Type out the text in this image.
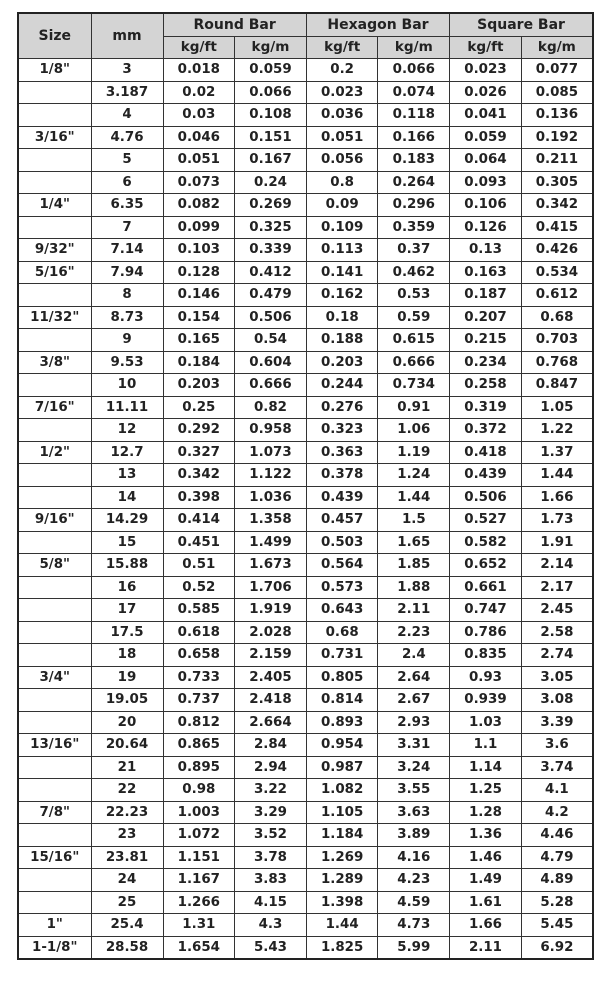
Size	mm	Round Bar		Hexagon Bar		Square Bar	
		kg/ft	kg/m	kg/ft	kg/m	kg/ft	kg/m
1/8"	3	0.018	0.059	0.2	0.066	0.023	0.077
	3.187	0.02	0.066	0.023	0.074	0.026	0.085
	4	0.03	0.108	0.036	0.118	0.041	0.136
3/16"	4.76	0.046	0.151	0.051	0.166	0.059	0.192
	5	0.051	0.167	0.056	0.183	0.064	0.211
	6	0.073	0.24	0.8	0.264	0.093	0.305
1/4"	6.35	0.082	0.269	0.09	0.296	0.106	0.342
	7	0.099	0.325	0.109	0.359	0.126	0.415
9/32"	7.14	0.103	0.339	0.113	0.37	0.13	0.426
5/16"	7.94	0.128	0.412	0.141	0.462	0.163	0.534
	8	0.146	0.479	0.162	0.53	0.187	0.612
11/32"	8.73	0.154	0.506	0.18	0.59	0.207	0.68
	9	0.165	0.54	0.188	0.615	0.215	0.703
3/8"	9.53	0.184	0.604	0.203	0.666	0.234	0.768
	10	0.203	0.666	0.244	0.734	0.258	0.847
7/16"	11.11	0.25	0.82	0.276	0.91	0.319	1.05
	12	0.292	0.958	0.323	1.06	0.372	1.22
1/2"	12.7	0.327	1.073	0.363	1.19	0.418	1.37
	13	0.342	1.122	0.378	1.24	0.439	1.44
	14	0.398	1.036	0.439	1.44	0.506	1.66
9/16"	14.29	0.414	1.358	0.457	1.5	0.527	1.73
	15	0.451	1.499	0.503	1.65	0.582	1.91
5/8"	15.88	0.51	1.673	0.564	1.85	0.652	2.14
	16	0.52	1.706	0.573	1.88	0.661	2.17
	17	0.585	1.919	0.643	2.11	0.747	2.45
	17.5	0.618	2.028	0.68	2.23	0.786	2.58
	18	0.658	2.159	0.731	2.4	0.835	2.74
3/4"	19	0.733	2.405	0.805	2.64	0.93	3.05
	19.05	0.737	2.418	0.814	2.67	0.939	3.08
	20	0.812	2.664	0.893	2.93	1.03	3.39
13/16"	20.64	0.865	2.84	0.954	3.31	1.1	3.6
	21	0.895	2.94	0.987	3.24	1.14	3.74
	22	0.98	3.22	1.082	3.55	1.25	4.1
7/8"	22.23	1.003	3.29	1.105	3.63	1.28	4.2
	23	1.072	3.52	1.184	3.89	1.36	4.46
15/16"	23.81	1.151	3.78	1.269	4.16	1.46	4.79
	24	1.167	3.83	1.289	4.23	1.49	4.89
	25	1.266	4.15	1.398	4.59	1.61	5.28
1"	25.4	1.31	4.3	1.44	4.73	1.66	5.45
1-1/8"	28.58	1.654	5.43	1.825	5.99	2.11	6.92
